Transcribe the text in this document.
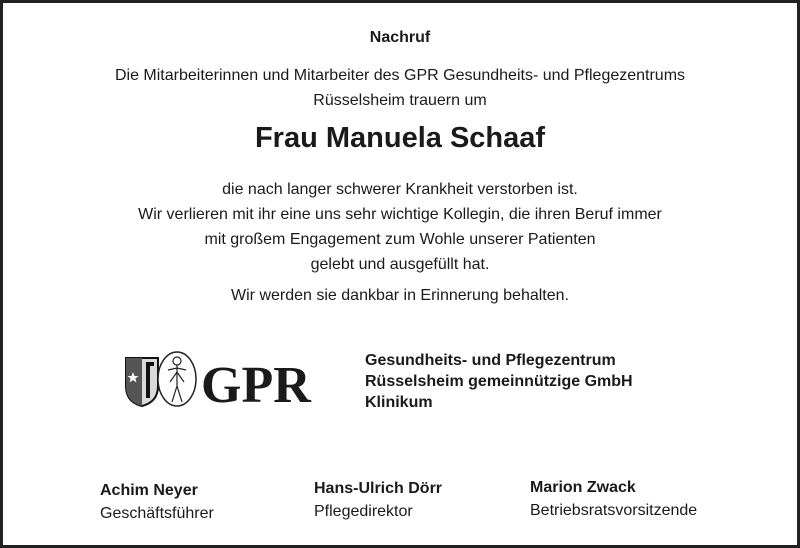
Nachruf
Die Mitarbeiterinnen und Mitarbeiter des GPR Gesundheits- und Pflegezentrums
Rüsselsheim trauern um
Frau Manuela Schaaf
die nach langer schwerer Krankheit verstorben ist.
Wir verlieren mit ihr eine uns sehr wichtige Kollegin, die ihren Beruf immer
mit großem Engagement zum Wohle unserer Patienten
gelebt und ausgefüllt hat.
Wir werden sie dankbar in Erinnerung behalten.
GPR	Gesundheits- und Pflegezentrum
Rüsselsheim gemeinnützige GmbH
Klinikum
Achim Neyer
Geschäftsführer
Hans-Ulrich Dörr
Pflegedirektor
Marion Zwack
Betriebsratsvorsitzende
